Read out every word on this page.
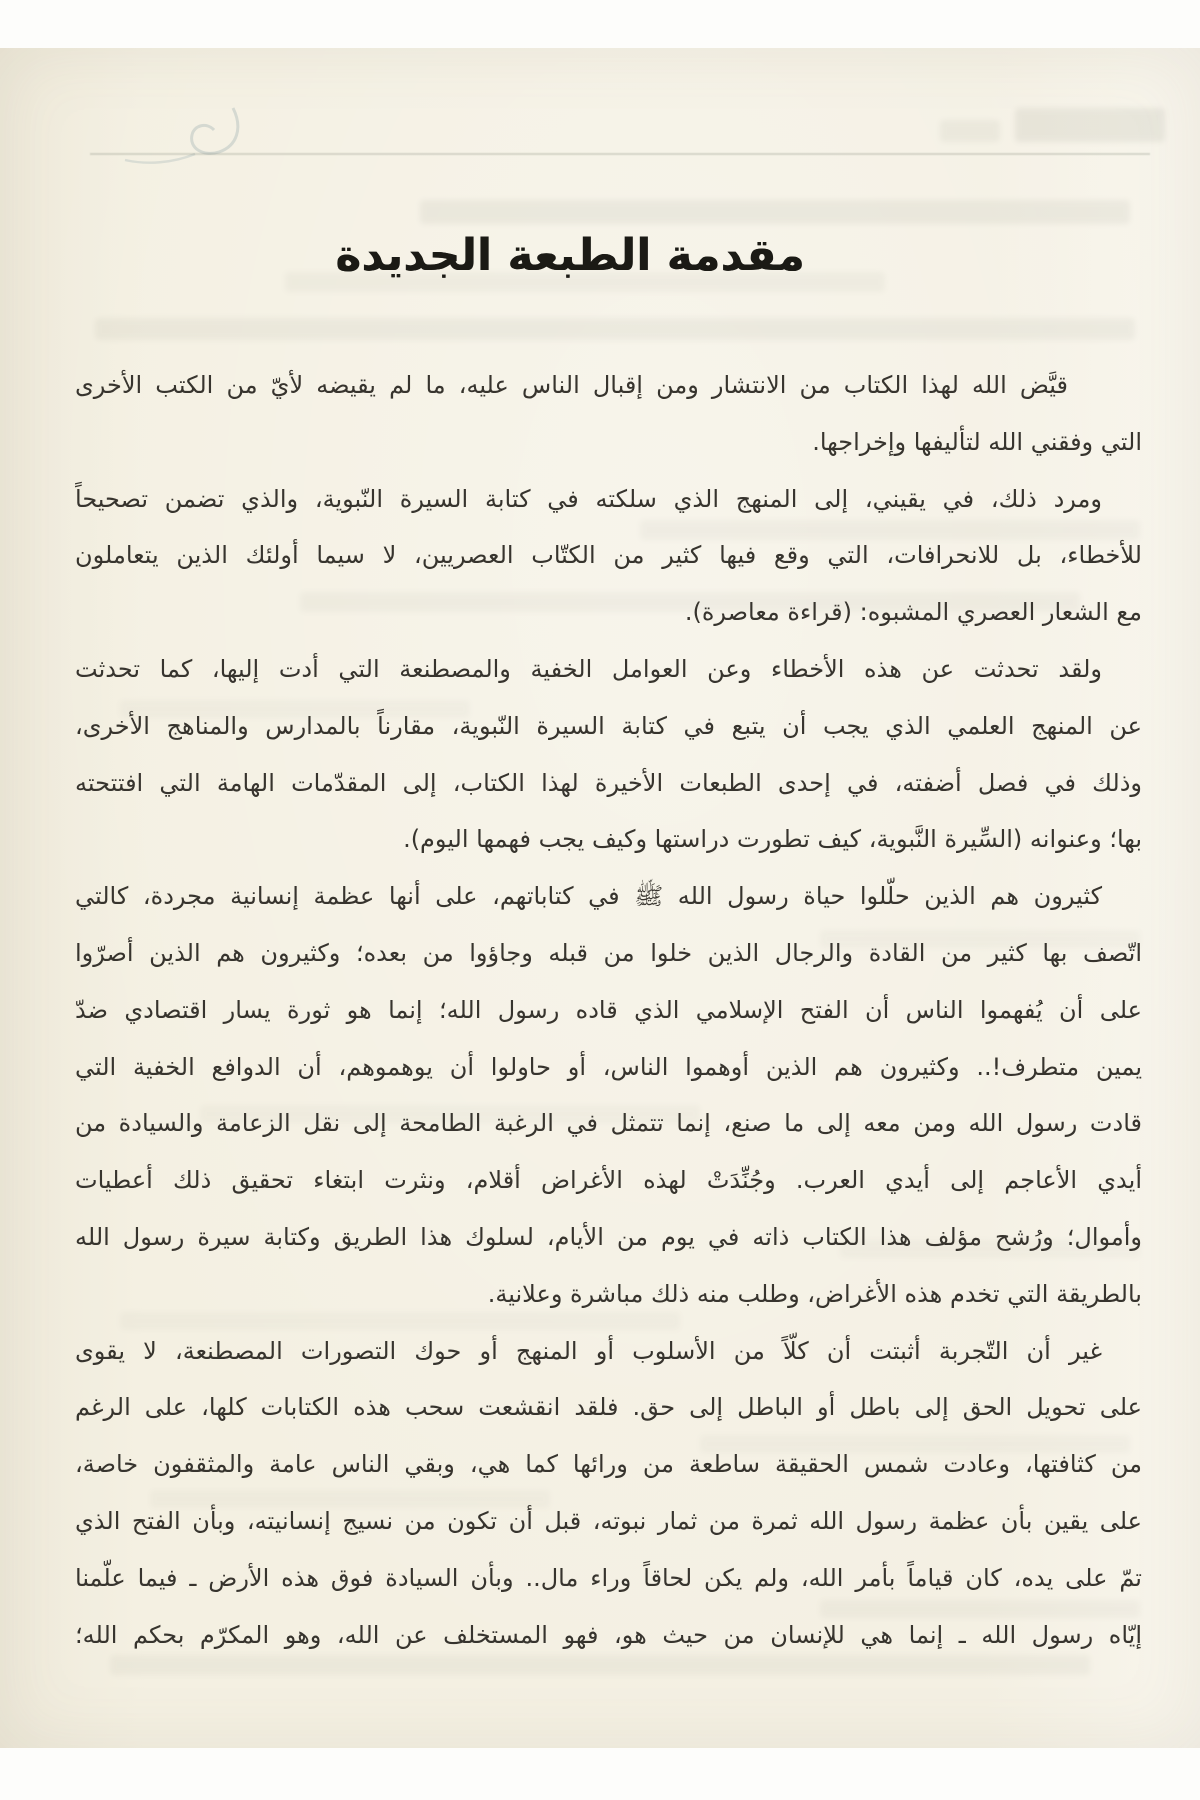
مقدمة الطبعة الجديدة
قيَّض الله لهذا الكتاب من الانتشار ومن إقبال الناس عليه، ما لم يقيضه لأيّ من الكتب الأخرى
التي وفقني الله لتأليفها وإخراجها.
ومرد ذلك، في يقيني، إلى المنهج الذي سلكته في كتابة السيرة النّبوية، والذي تضمن تصحيحاً
للأخطاء، بل للانحرافات، التي وقع فيها كثير من الكتّاب العصريين، لا سيما أولئك الذين يتعاملون
مع الشعار العصري المشبوه: (قراءة معاصرة).
ولقد تحدثت عن هذه الأخطاء وعن العوامل الخفية والمصطنعة التي أدت إليها، كما تحدثت
عن المنهج العلمي الذي يجب أن يتبع في كتابة السيرة النّبوية، مقارناً بالمدارس والمناهج الأخرى،
وذلك في فصل أضفته، في إحدى الطبعات الأخيرة لهذا الكتاب، إلى المقدّمات الهامة التي افتتحته
بها؛ وعنوانه (السِّيرة النَّبوية، كيف تطورت دراستها وكيف يجب فهمها اليوم).
كثيرون هم الذين حلّلوا حياة رسول الله ﷺ في كتاباتهم، على أنها عظمة إنسانية مجردة، كالتي
اتّصف بها كثير من القادة والرجال الذين خلوا من قبله وجاؤوا من بعده؛ وكثيرون هم الذين أصرّوا
على أن يُفهموا الناس أن الفتح الإسلامي الذي قاده رسول الله؛ إنما هو ثورة يسار اقتصادي ضدّ
يمين متطرف!.. وكثيرون هم الذين أوهموا الناس، أو حاولوا أن يوهموهم، أن الدوافع الخفية التي
قادت رسول الله ومن معه إلى ما صنع، إنما تتمثل في الرغبة الطامحة إلى نقل الزعامة والسيادة من
أيدي الأعاجم إلى أيدي العرب. وجُنِّدَتْ لهذه الأغراض أقلام، ونثرت ابتغاء تحقيق ذلك أعطيات
وأموال؛ ورُشح مؤلف هذا الكتاب ذاته في يوم من الأيام، لسلوك هذا الطريق وكتابة سيرة رسول الله
بالطريقة التي تخدم هذه الأغراض، وطلب منه ذلك مباشرة وعلانية.
غير أن التّجربة أثبتت أن كلّاً من الأسلوب أو المنهج أو حوك التصورات المصطنعة، لا يقوى
على تحويل الحق إلى باطل أو الباطل إلى حق. فلقد انقشعت سحب هذه الكتابات كلها، على الرغم
من كثافتها، وعادت شمس الحقيقة ساطعة من ورائها كما هي، وبقي الناس عامة والمثقفون خاصة،
على يقين بأن عظمة رسول الله ثمرة من ثمار نبوته، قبل أن تكون من نسيج إنسانيته، وبأن الفتح الذي
تمّ على يده، كان قياماً بأمر الله، ولم يكن لحاقاً وراء مال.. وبأن السيادة فوق هذه الأرض ـ فيما علّمنا
إيّاه رسول الله ـ إنما هي للإنسان من حيث هو، فهو المستخلف عن الله، وهو المكرّم بحكم الله؛
